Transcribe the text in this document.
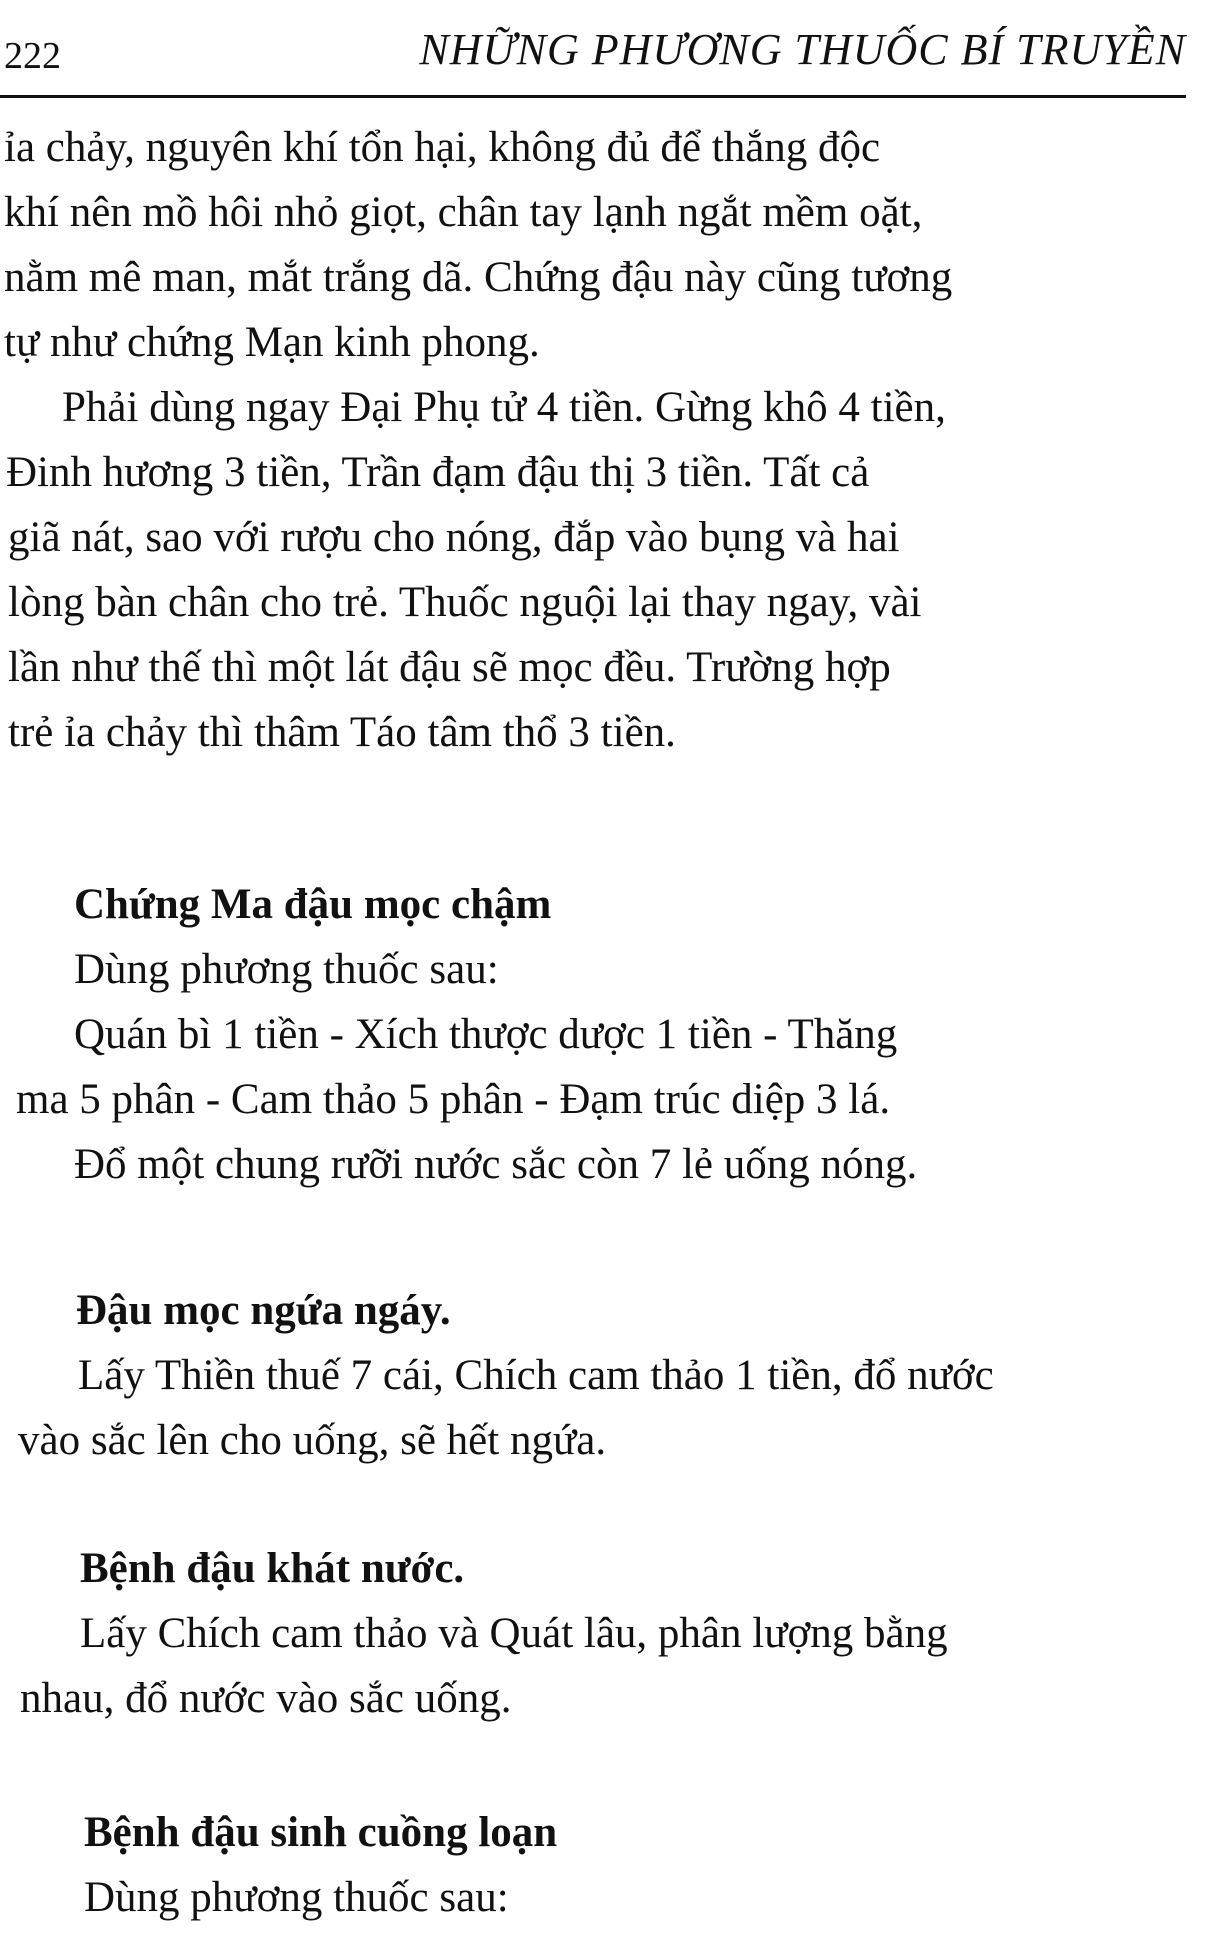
222	NHỮNG PHƯƠNG THUỐC BÍ TRUYỀN
ỉa chảy, nguyên khí tổn hại, không đủ để thắng độc
khí nên mồ hôi nhỏ giọt, chân tay lạnh ngắt mềm oặt,
nằm mê man, mắt trắng dã. Chứng đậu này cũng tương
tự như chứng Mạn kinh phong.
Phải dùng ngay Đại Phụ tử 4 tiền. Gừng khô 4 tiền,
Đinh hương 3 tiền, Trần đạm đậu thị 3 tiền. Tất cả
giã nát, sao với rượu cho nóng, đắp vào bụng và hai
lòng bàn chân cho trẻ. Thuốc nguội lại thay ngay, vài
lần như thế thì một lát đậu sẽ mọc đều. Trường hợp
trẻ ỉa chảy thì thâm Táo tâm thổ 3 tiền.
Chứng Ma đậu mọc chậm
Dùng phương thuốc sau:
Quán bì 1 tiền - Xích thược dược 1 tiền - Thăng
ma 5 phân - Cam thảo 5 phân - Đạm trúc diệp 3 lá.
Đổ một chung rưỡi nước sắc còn 7 lẻ uống nóng.
Đậu mọc ngứa ngáy.
Lấy Thiền thuế 7 cái, Chích cam thảo 1 tiền, đổ nước
vào sắc lên cho uống, sẽ hết ngứa.
Bệnh đậu khát nước.
Lấy Chích cam thảo và Quát lâu, phân lượng bằng
nhau, đổ nước vào sắc uống.
Bệnh đậu sinh cuồng loạn
Dùng phương thuốc sau:
